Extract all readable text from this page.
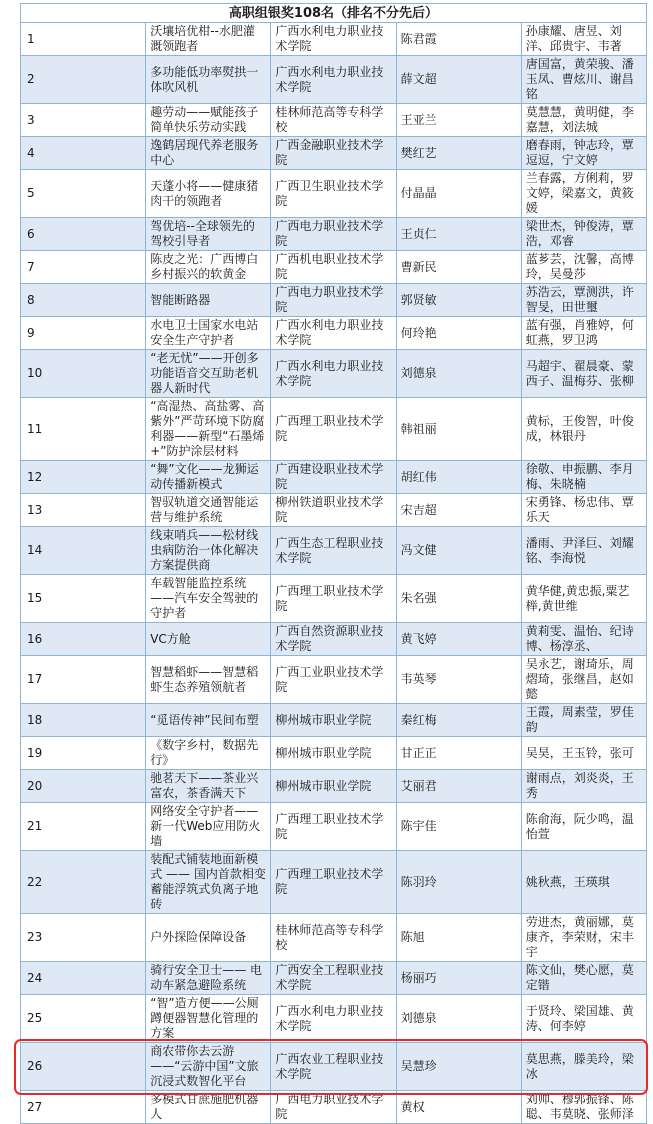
高职组银奖108名（排名不分先后）				
1	沃壤培优柑--水肥灌溉领跑者	广西水利电力职业技术学院	陈君霞	孙康耀、唐昱、刘洋、邱贵宇、韦著
2	多功能低功率熨拱一体吹风机	广西水利电力职业技术学院	薛文超	唐国富，黄荣骏、潘玉凤、曹炫川、谢昌铭
3	趣劳动——赋能孩子简单快乐劳动实践	桂林师范高等专科学校	王亚兰	莫慧慧，黄明健，李嘉慧，刘法城
4	逸鹤居现代养老服务中心	广西金融职业技术学院	樊红艺	磨春雨，钟志玲，覃逗逗，宁文婷
5	天蓬小将——健康猪肉干的领跑者	广西卫生职业技术学院	付晶晶	兰春露，方俐莉，罗文婷，梁嘉文，黄筱媛
6	驾优培--全球领先的驾校引导者	广西电力职业技术学院	王贞仁	梁世杰，钟俊涛，覃浩，邓睿
7	陈皮之光：广西博白乡村振兴的软黄金	广西机电职业技术学院	曹新民	蓝芗芸，沈馨，高博玲，吴曼莎
8	智能断路器	广西电力职业技术学院	郭贤敏	苏浩云，覃测洪，许智旻，田世璽
9	水电卫士国家水电站安全生产守护者	广西水利电力职业技术学院	何玲艳	蓝有强，肖雅婷，何虹燕，罗卫鸿
10	“老无忧”——开创多功能语音交互助老机器人新时代	广西水利电力职业技术学院	刘德泉	马超宇、翟晨豪、蒙西子、温梅芬、张柳
11	“高湿热、高盐雾、高紫外”严苛环境下防腐利器——新型“石墨烯+”防护涂层材料	广西理工职业技术学院	韩祖丽	黄标，王俊智，叶俊成，林银丹
12	“舞”文化——龙狮运动传播新模式	广西建设职业技术学院	胡红伟	徐敬、申振鹏、李月梅、朱晓楠
13	智驭轨道交通智能运营与维护系统	柳州铁道职业技术学院	宋吉超	宋勇锋、杨忠伟、覃乐天
14	线束哨兵——松材线虫病防治一体化解决方案提供商	广西生态工程职业技术学院	冯文健	潘雨、尹泽巨、刘耀铭、李海悦
15	车载智能监控系统——汽车安全驾驶的守护者	广西理工职业技术学院	朱名强	黄华健,黄忠振,粟艺榉,黄世维
16	VC方舱	广西自然资源职业技术学院	黄飞婷	黄莉雯、温怡、纪诗博、杨淳丞、
17	智慧稻虾——智慧稻虾生态养殖领航者	广西工业职业技术学院	韦英琴	吴永艺，谢琦乐，周熠琦，张继昌，赵如懿
18	“觅语传神”民间布塑	柳州城市职业学院	秦红梅	王霞，周素莹，罗佳韵
19	《数字乡村，数据先行》	柳州城市职业学院	甘正正	吴昊，王玉铃，张可
20	驰茗天下——茶业兴富农，茶香满天下	柳州城市职业学院	艾丽君	谢雨点，刘炎炎，王秀
21	网络安全守护者——新一代Web应用防火墙	广西理工职业技术学院	陈宇佳	陈俞海，阮少鸣，温怡萱
22	装配式铺装地面新模式 —— 国内首款相变蓄能浮筑式负离子地砖	广西理工职业技术学院	陈羽玲	姚秋燕，王瑛琪
23	户外探险保障设备	桂林师范高等专科学校	陈旭	劳进杰，黄丽娜，莫康齐，李荣财，宋丰宇
24	骑行安全卫士—— 电动车紧急避险系统	广西安全工程职业技术学院	杨丽巧	陈文仙，樊心愿，莫定锴
25	“智”造方便——公厕蹲便器智慧化管理的方案	广西水利电力职业技术学院	刘德泉	于贤玲、梁国雄、黄涛、何李婷
26	商农带你去云游——“云游中国”文旅沉浸式数智化平台	广西农业工程职业技术学院	吴慧珍	莫思燕，滕美玲，梁冰
27	多模式甘蔗施肥机器人	广西电力职业技术学院	黄权	刘帅、穆郭振锋、陈聪、韦莫晓、张师泽
